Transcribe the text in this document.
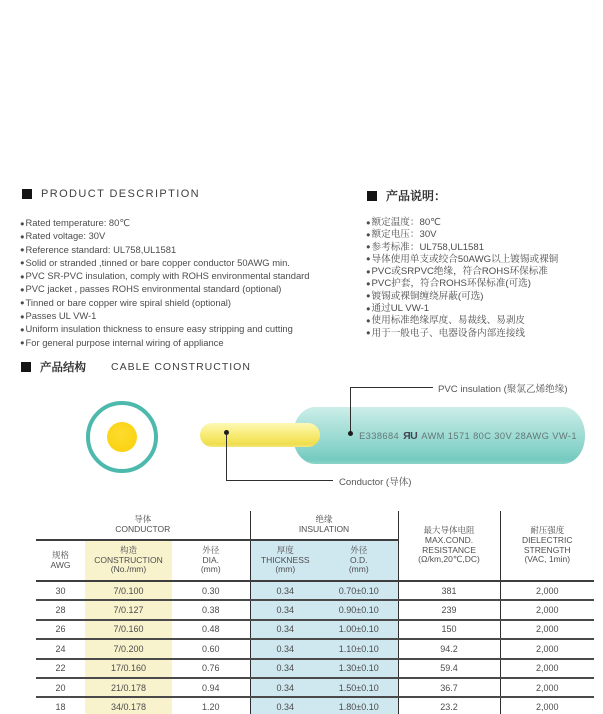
PRODUCT DESCRIPTION	产品说明：
● Rated temperature: 80℃
● Rated voltage: 30V
● Reference standard: UL758,UL1581
● Solid or stranded ,tinned or bare copper conductor 50AWG min.
● PVC SR-PVC insulation, comply with ROHS environmental standard
● PVC jacket , passes ROHS environmental standard (optional)
● Tinned or bare copper wire spiral shield (optional)
● Passes UL VW-1
● Uniform insulation thickness to ensure easy stripping and cutting
● For general purpose internal wiring of appliance
● 额定温度：80℃
● 额定电压：30V
● 参考标准：UL758,UL1581
● 导体使用单支或绞合50AWG以上镀锡或裸铜
● PVC或SRPVC绝缘，符合ROHS环保标准
● PVC护套，符合ROHS环保标准(可选)
● 镀锡或裸铜缠绕屏蔽(可选)
● 通过UL VW-1
● 使用标准绝缘厚度、易裁线、易剥皮
● 用于一般电子、电器设备内部连接线
产品结构 CABLE CONSTRUCTION
E338684 ЯU AWM 1571 80C 30V 28AWG VW-1
PVC insulation (聚氯乙烯绝缘)
Conductor (导体)
导体
CONDUCTOR			绝缘
INSULATION		最大导体电阻
MAX.COND.
RESISTANCE
(Ω/km,20℃,DC)	耐压强度
DIELECTRIC
STRENGTH
(VAC, 1min)

规格
AWG	构造
CONSTRUCTION
(No./mm)	外径
DIA.
(mm)	厚度
THICKNESS
(mm)	外径
O.D.
(mm)		

30	7/0.100	0.30	0.34	0.70±0.10	381	2,000
28	7/0.127	0.38	0.34	0.90±0.10	239	2,000
26	7/0.160	0.48	0.34	1.00±0.10	150	2,000
24	7/0.200	0.60	0.34	1.10±0.10	94.2	2,000
22	17/0.160	0.76	0.34	1.30±0.10	59.4	2,000
20	21/0.178	0.94	0.34	1.50±0.10	36.7	2,000
18	34/0.178	1.20	0.34	1.80±0.10	23.2	2,000
